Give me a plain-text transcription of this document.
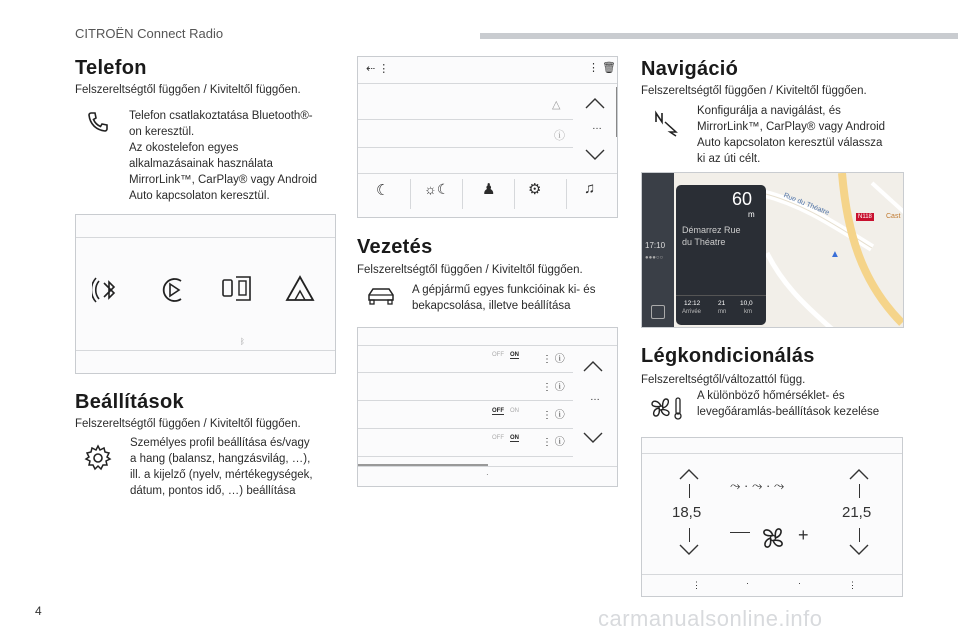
CITROËN Connect Radio
Telefon
Felszereltségtől függően / Kiviteltől függően.
Telefon csatlakoztatása Bluetooth®-
on keresztül.
Az okostelefon egyes
alkalmazásainak használata
MirrorLink™, CarPlay® vagy Android
Auto kapcsolaton keresztül.
ᛒ
Beállítások
Felszereltségtől függően / Kiviteltől függően.
Személyes profil beállítása és/vagy
a hang (balansz, hangzásvilág, …),
ill. a kijelző (nyelv, mértékegységek,
dátum, pontos idő, …) beállítása
⇠ ⋮	⋮ 🗑
△
ⓘ
…
☾ ☼☾ ♟ ⚙	♫
Vezetés
Felszereltségtől függően / Kiviteltől függően.
A gépjármű egyes funkcióinak ki- és
bekapcsolása, illetve beállítása
OFF ON ⋮ ⓘ
⋮ ⓘ
OFF ON	⋮ ⓘ
OFF ON ⋮ ⓘ
…
·
Navigáció
Felszereltségtől függően / Kiviteltől függően.
Konfigurálja a navigálást, és
MirrorLink™, CarPlay® vagy Android
Auto kapcsolaton keresztül válassza
ki az úti célt.
17:10
●●●○○
60
m
Démarrez Rue
du Théatre
12:12
Arrivée
21
mn
10,0
km
Rue du Théatre
N118 Cast
▲
Légkondicionálás
Felszereltségtől/változattól függ.
A különböző hőmérséklet- és
levegőáramlás-beállítások kezelése
18,5
⤳ · ⤳ · ⤳
+
21,5
⋮	·	·	⋮
4	carmanualsonline.info
